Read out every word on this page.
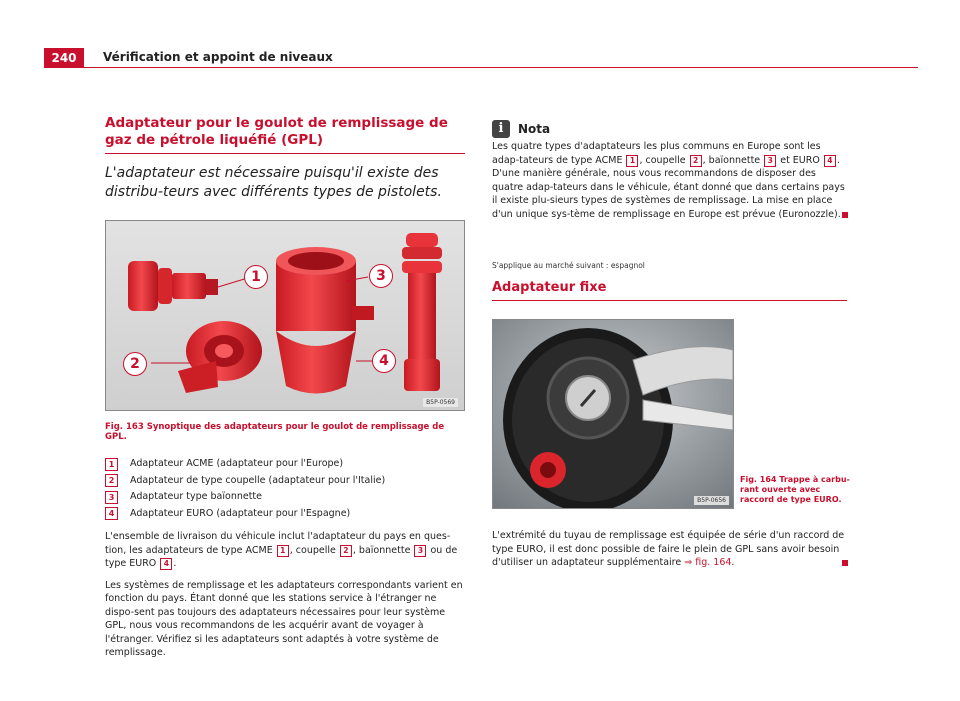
240	Vérification et appoint de niveaux
Adaptateur pour le goulot de remplissage de gaz de pétrole liquéfié (GPL)

L'adaptateur est nécessaire puisqu'il existe des distribu-teurs avec différents types de pistolets.

1
2
3
4
B5P-0569
Fig. 163 Synoptique des adaptateurs pour le goulot de remplissage de GPL.
1	Adaptateur ACME (adaptateur pour l'Europe)
2	Adaptateur de type coupelle (adaptateur pour l'Italie)
3	Adaptateur type baïonnette
4	Adaptateur EURO (adaptateur pour l'Espagne)

L'ensemble de livraison du véhicule inclut l'adaptateur du pays en ques-tion, les adaptateurs de type ACME 1 , coupelle 2 , baïonnette 3 ou de type EURO 4 .

Les systèmes de remplissage et les adaptateurs correspondants varient en fonction du pays. Étant donné que les stations service à l'étranger ne dispo-sent pas toujours des adaptateurs nécessaires pour leur système GPL, nous vous recommandons de les acquérir avant de voyager à l'étranger. Vérifiez si les adaptateurs sont adaptés à votre système de remplissage.

i	Nota
Les quatre types d'adaptateurs les plus communs en Europe sont les adap-tateurs de type ACME 1 , coupelle 2 , baïonnette 3 et EURO 4 . D'une manière générale, nous vous recommandons de disposer des quatre adap-tateurs dans le véhicule, étant donné que dans certains pays il existe plu-sieurs types de systèmes de remplissage. La mise en place d'un unique sys-tème de remplissage en Europe est prévue (Euronozzle).
S'applique au marché suivant : espagnol
Adaptateur fixe
B5P-0656
Fig. 164 Trappe à carbu-rant ouverte avec raccord de type EURO.

L'extrémité du tuyau de remplissage est équipée de série d'un raccord de type EURO, il est donc possible de faire le plein de GPL sans avoir besoin d'utiliser un adaptateur supplémentaire ⇒ fig. 164.
